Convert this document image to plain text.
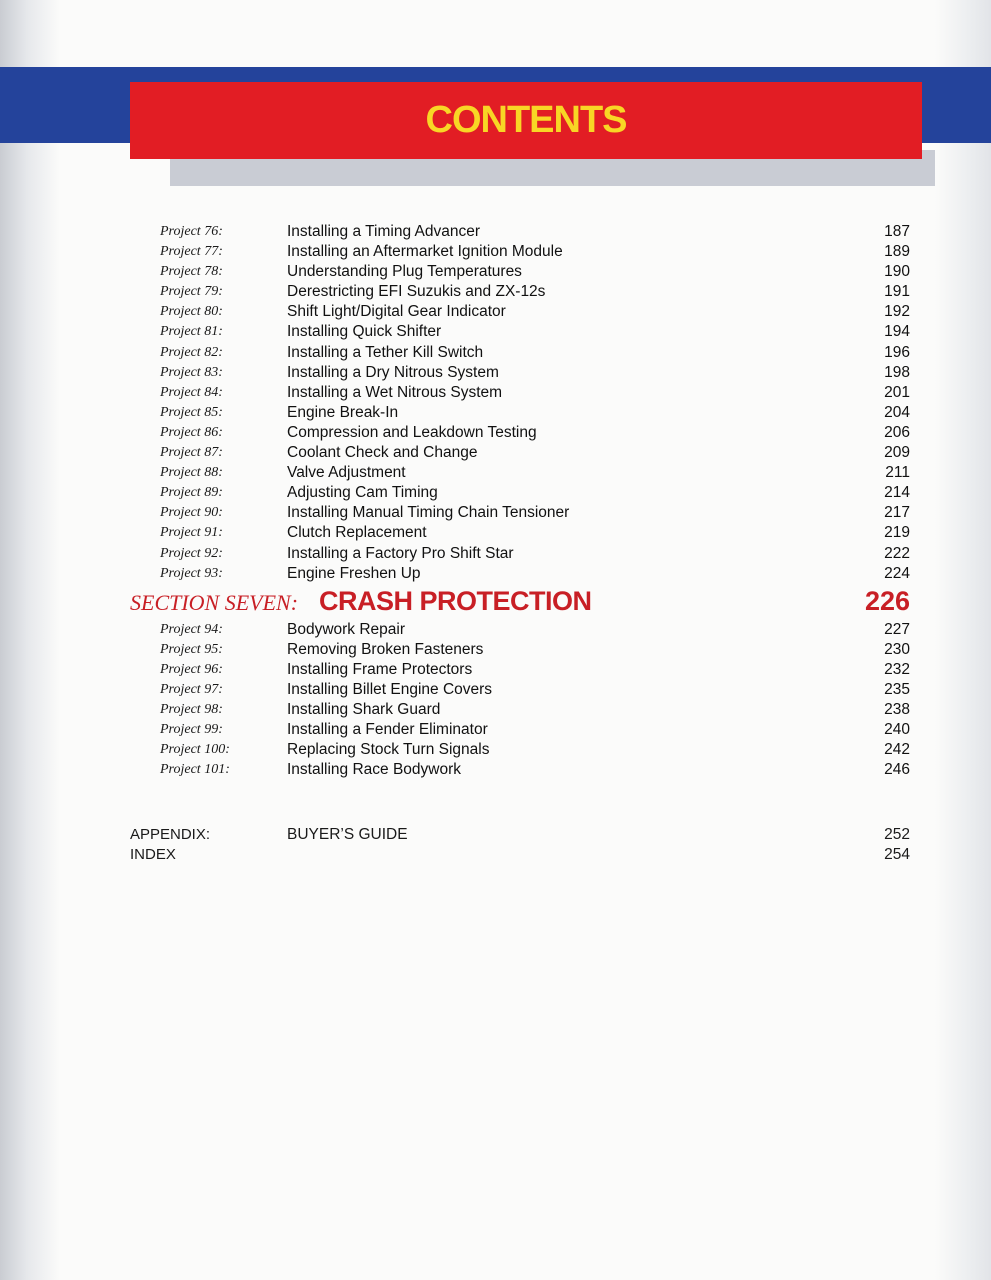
CONTENTS
Project 76:	Installing a Timing Advancer	187
Project 77:	Installing an Aftermarket Ignition Module	189
Project 78:	Understanding Plug Temperatures	190
Project 79:	Derestricting EFI Suzukis and ZX-12s	191
Project 80:	Shift Light/Digital Gear Indicator	192
Project 81:	Installing Quick Shifter	194
Project 82:	Installing a Tether Kill Switch	196
Project 83:	Installing a Dry Nitrous System	198
Project 84:	Installing a Wet Nitrous System	201
Project 85:	Engine Break-In	204
Project 86:	Compression and Leakdown Testing	206
Project 87:	Coolant Check and Change	209
Project 88:	Valve Adjustment	211
Project 89:	Adjusting Cam Timing	214
Project 90:	Installing Manual Timing Chain Tensioner	217
Project 91:	Clutch Replacement	219
Project 92:	Installing a Factory Pro Shift Star	222
Project 93:	Engine Freshen Up	224
SECTION SEVEN: CRASH PROTECTION	226
Project 94:	Bodywork Repair	227
Project 95:	Removing Broken Fasteners	230
Project 96:	Installing Frame Protectors	232
Project 97:	Installing Billet Engine Covers	235
Project 98:	Installing Shark Guard	238
Project 99:	Installing a Fender Eliminator	240
Project 100:	Replacing Stock Turn Signals	242
Project 101:	Installing Race Bodywork	246
APPENDIX:	BUYER’S GUIDE	252
INDEX	254
